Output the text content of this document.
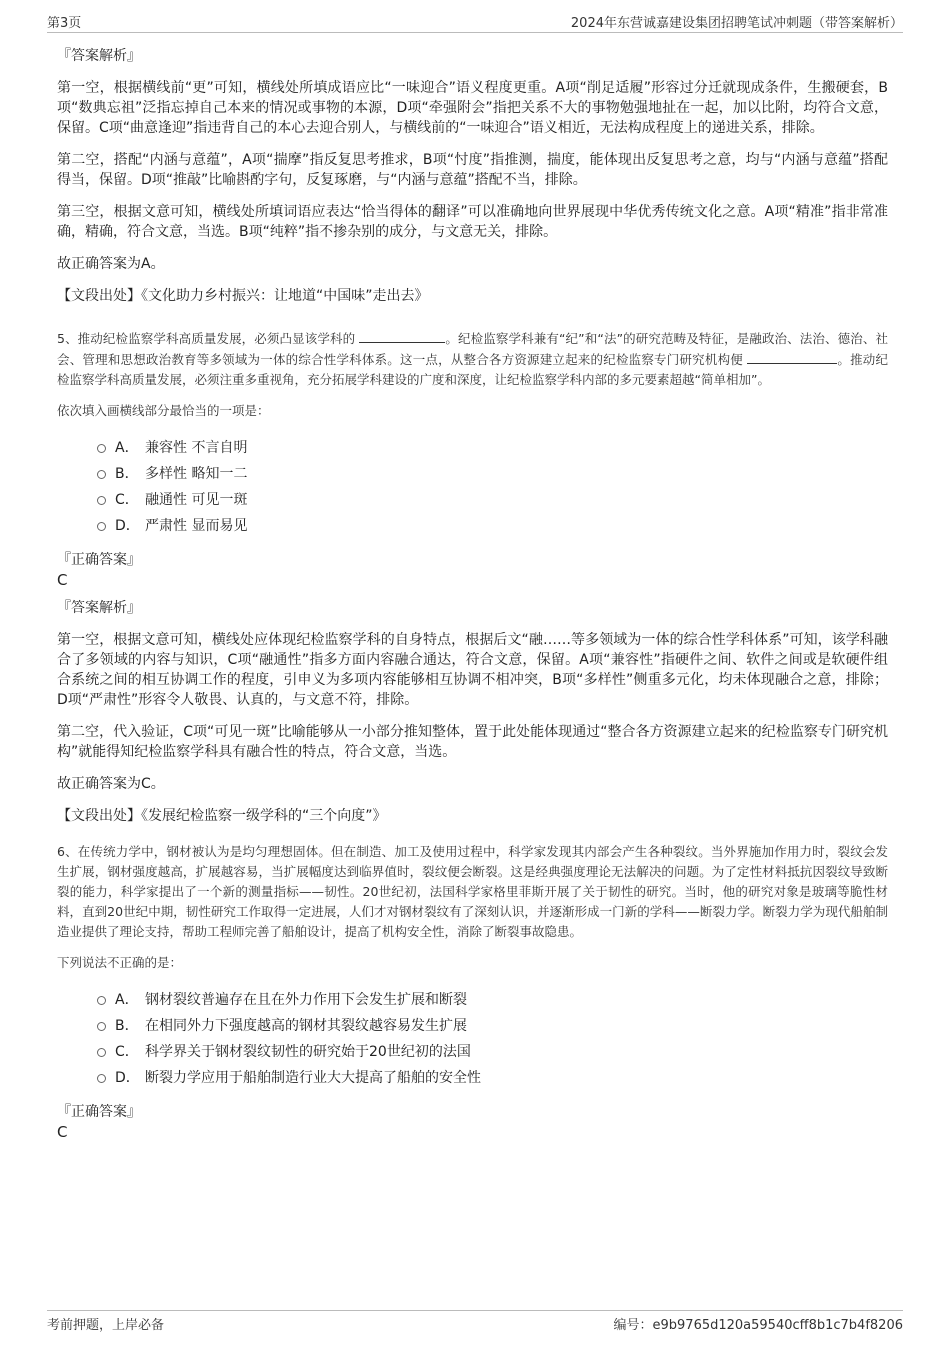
第3页	2024年东营诚嘉建设集团招聘笔试冲刺题（带答案解析）
『答案解析』

第一空，根据横线前“更”可知，横线处所填成语应比“一味迎合”语义程度更重。A项“削足适履”形容过分迁就现成条件，生搬硬套，B项“数典忘祖”泛指忘掉自己本来的情况或事物的本源，D项“牵强附会”指把关系不大的事物勉强地扯在一起，加以比附，均符合文意，保留。C项“曲意逢迎”指违背自己的本心去迎合别人，与横线前的“一味迎合”语义相近，无法构成程度上的递进关系，排除。

第二空，搭配“内涵与意蕴”，A项“揣摩”指反复思考推求，B项“忖度”指推测，揣度，能体现出反复思考之意，均与“内涵与意蕴”搭配得当，保留。D项“推敲”比喻斟酌字句，反复琢磨，与“内涵与意蕴”搭配不当，排除。

第三空，根据文意可知，横线处所填词语应表达“恰当得体的翻译”可以准确地向世界展现中华优秀传统文化之意。A项“精准”指非常准确，精确，符合文意，当选。B项“纯粹”指不掺杂别的成分，与文意无关，排除。

故正确答案为A。

【文段出处】《文化助力乡村振兴：让地道“中国味”走出去》

5、推动纪检监察学科高质量发展，必须凸显该学科的	。纪检监察学科兼有“纪”和“法”的研究范畴及特征，是融政治、法治、德治、社会、管理和思想政治教育等多领域为一体的综合性学科体系。这一点，从整合各方资源建立起来的纪检监察专门研究机构便	。推动纪检监察学科高质量发展，必须注重多重视角，充分拓展学科建设的广度和深度，让纪检监察学科内部的多元要素超越“简单相加”。

依次填入画横线部分最恰当的一项是：

A． 兼容性 不言自明
B． 多样性 略知一二
C． 融通性 可见一斑
D． 严肃性 显而易见
『正确答案』
C
『答案解析』

第一空，根据文意可知，横线处应体现纪检监察学科的自身特点，根据后文“融……等多领域为一体的综合性学科体系”可知，该学科融合了多领域的内容与知识，C项“融通性”指多方面内容融合通达，符合文意，保留。A项“兼容性”指硬件之间、软件之间或是软硬件组合系统之间的相互协调工作的程度，引申义为多项内容能够相互协调不相冲突，B项“多样性”侧重多元化，均未体现融合之意，排除；D项“严肃性”形容令人敬畏、认真的，与文意不符，排除。

第二空，代入验证，C项“可见一斑”比喻能够从一小部分推知整体，置于此处能体现通过“整合各方资源建立起来的纪检监察专门研究机构”就能得知纪检监察学科具有融合性的特点，符合文意，当选。

故正确答案为C。

【文段出处】《发展纪检监察一级学科的“三个向度”》

6、在传统力学中，钢材被认为是均匀理想固体。但在制造、加工及使用过程中，科学家发现其内部会产生各种裂纹。当外界施加作用力时，裂纹会发生扩展，钢材强度越高，扩展越容易，当扩展幅度达到临界值时，裂纹便会断裂。这是经典强度理论无法解决的问题。为了定性材料抵抗因裂纹导致断裂的能力，科学家提出了一个新的测量指标——韧性。20世纪初，法国科学家格里菲斯开展了关于韧性的研究。当时，他的研究对象是玻璃等脆性材料，直到20世纪中期，韧性研究工作取得一定进展，人们才对钢材裂纹有了深刻认识，并逐渐形成一门新的学科——断裂力学。断裂力学为现代船舶制造业提供了理论支持，帮助工程师完善了船舶设计，提高了机构安全性，消除了断裂事故隐患。

下列说法不正确的是：

A． 钢材裂纹普遍存在且在外力作用下会发生扩展和断裂
B． 在相同外力下强度越高的钢材其裂纹越容易发生扩展
C． 科学界关于钢材裂纹韧性的研究始于20世纪初的法国
D． 断裂力学应用于船舶制造行业大大提高了船舶的安全性
『正确答案』
C
考前押题，上岸必备	编号：e9b9765d120a59540cff8b1c7b4f8206
